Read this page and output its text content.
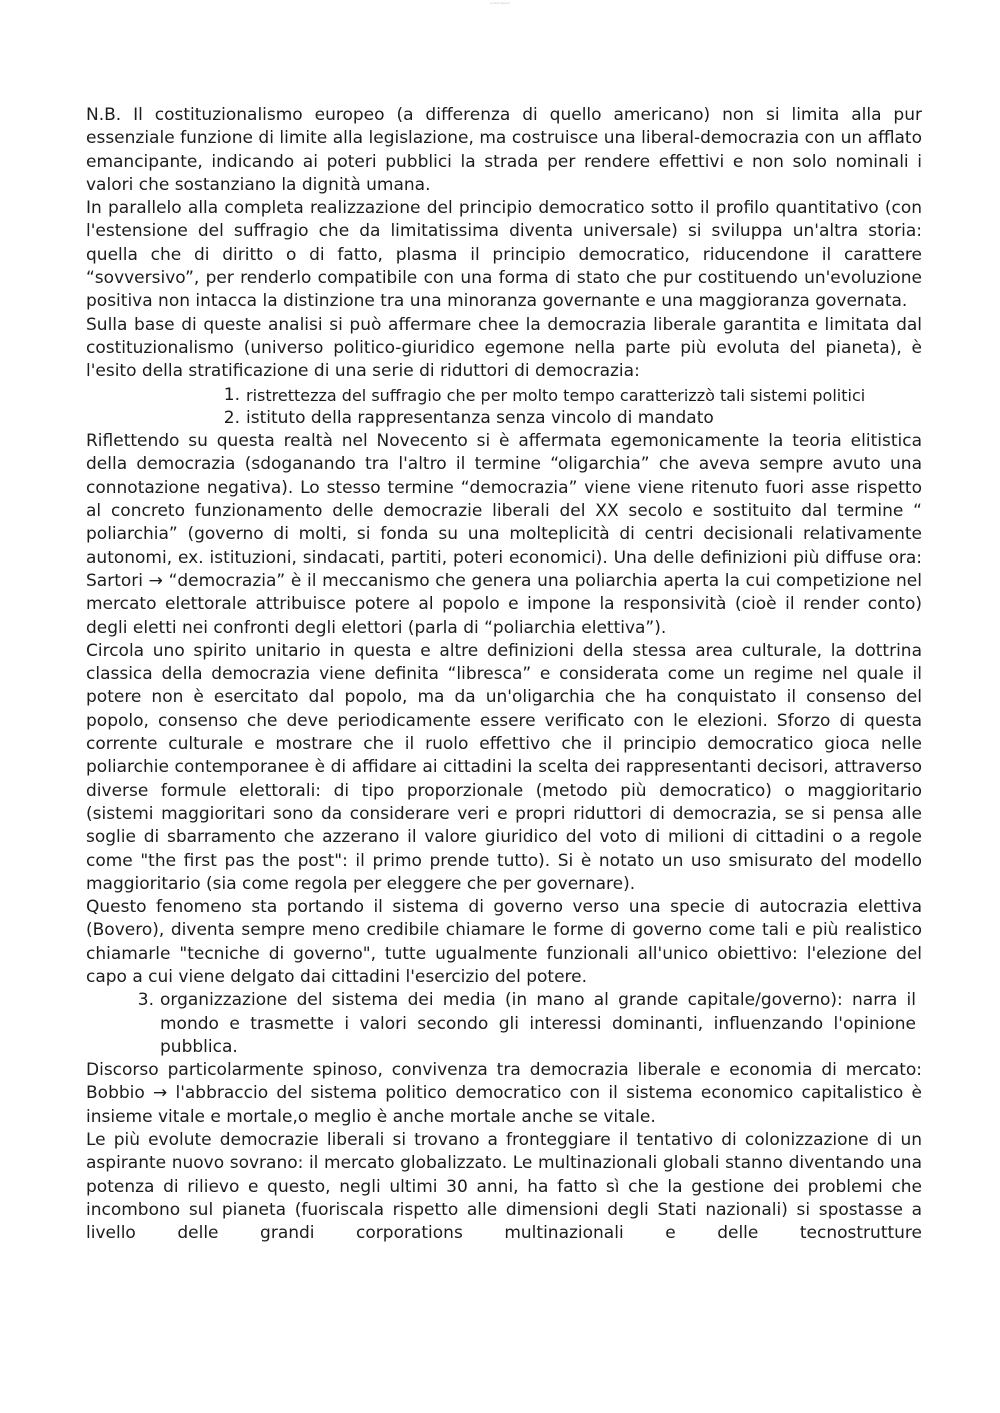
Lorem Ipsum

N.B. Il costituzionalismo europeo (a differenza di quello americano) non si limita alla pur essenziale funzione di limite alla legislazione, ma costruisce una liberal-democrazia con un afflato emancipante, indicando ai poteri pubblici la strada per rendere effettivi e non solo nominali i valori che sostanziano la dignità umana.

In parallelo alla completa realizzazione del principio democratico sotto il profilo quantitativo (con l'estensione del suffragio che da limitatissima diventa universale) si sviluppa un'altra storia: quella che di diritto o di fatto, plasma il principio democratico, riducendone il carattere “sovversivo”, per renderlo compatibile con una forma di stato che pur costituendo un'evoluzione positiva non intacca la distinzione tra una minoranza governante e una maggioranza governata.

Sulla base di queste analisi si può affermare chee la democrazia liberale garantita e limitata dal costituzionalismo (universo politico-giuridico egemone nella parte più evoluta del pianeta), è l'esito della stratificazione di una serie di riduttori di democrazia:

1. ristrettezza del suffragio che per molto tempo caratterizzò tali sistemi politici
2. istituto della rappresentanza senza vincolo di mandato

Riflettendo su questa realtà nel Novecento si è affermata egemonicamente la teoria elitistica della democrazia (sdoganando tra l'altro il termine “oligarchia” che aveva sempre avuto una connotazione negativa). Lo stesso termine “democrazia” viene viene ritenuto fuori asse rispetto al concreto funzionamento delle democrazie liberali del XX secolo e sostituito dal termine “ poliarchia” (governo di molti, si fonda su una molteplicità di centri decisionali relativamente autonomi, ex. istituzioni, sindacati, partiti, poteri economici). Una delle definizioni più diffuse ora: Sartori → “democrazia” è il meccanismo che genera una poliarchia aperta la cui competizione nel mercato elettorale attribuisce potere al popolo e impone la responsività (cioè il render conto) degli eletti nei confronti degli elettori (parla di “poliarchia elettiva”).

Circola uno spirito unitario in questa e altre definizioni della stessa area culturale, la dottrina classica della democrazia viene definita “libresca” e considerata come un regime nel quale il potere non è esercitato dal popolo, ma da un'oligarchia che ha conquistato il consenso del popolo, consenso che deve periodicamente essere verificato con le elezioni. Sforzo di questa corrente culturale e mostrare che il ruolo effettivo che il principio democratico gioca nelle poliarchie contemporanee è di affidare ai cittadini la scelta dei rappresentanti decisori, attraverso diverse formule elettorali: di tipo proporzionale (metodo più democratico) o maggioritario (sistemi maggioritari sono da considerare veri e propri riduttori di democrazia, se si pensa alle soglie di sbarramento che azzerano il valore giuridico del voto di milioni di cittadini o a regole come "the first pas the post": il primo prende tutto). Si è notato un uso smisurato del modello maggioritario (sia come regola per eleggere che per governare).

Questo fenomeno sta portando il sistema di governo verso una specie di autocrazia elettiva (Bovero), diventa sempre meno credibile chiamare le forme di governo come tali e più realistico chiamarle "tecniche di governo", tutte ugualmente funzionali all'unico obiettivo: l'elezione del capo a cui viene delgato dai cittadini l'esercizio del potere.

3. organizzazione del sistema dei media (in mano al grande capitale/governo): narra il mondo e trasmette i valori secondo gli interessi dominanti, influenzando l'opinione pubblica.

Discorso particolarmente spinoso, convivenza tra democrazia liberale e economia di mercato: Bobbio → l'abbraccio del sistema politico democratico con il sistema economico capitalistico è insieme vitale e mortale,o meglio è anche mortale anche se vitale.

Le più evolute democrazie liberali si trovano a fronteggiare il tentativo di colonizzazione di un aspirante nuovo sovrano: il mercato globalizzato. Le multinazionali globali stanno diventando una potenza di rilievo e questo, negli ultimi 30 anni, ha fatto sì che la gestione dei problemi che incombono sul pianeta (fuoriscala rispetto alle dimensioni degli Stati nazionali) si spostasse a livello delle grandi corporations multinazionali e delle tecnostrutture
